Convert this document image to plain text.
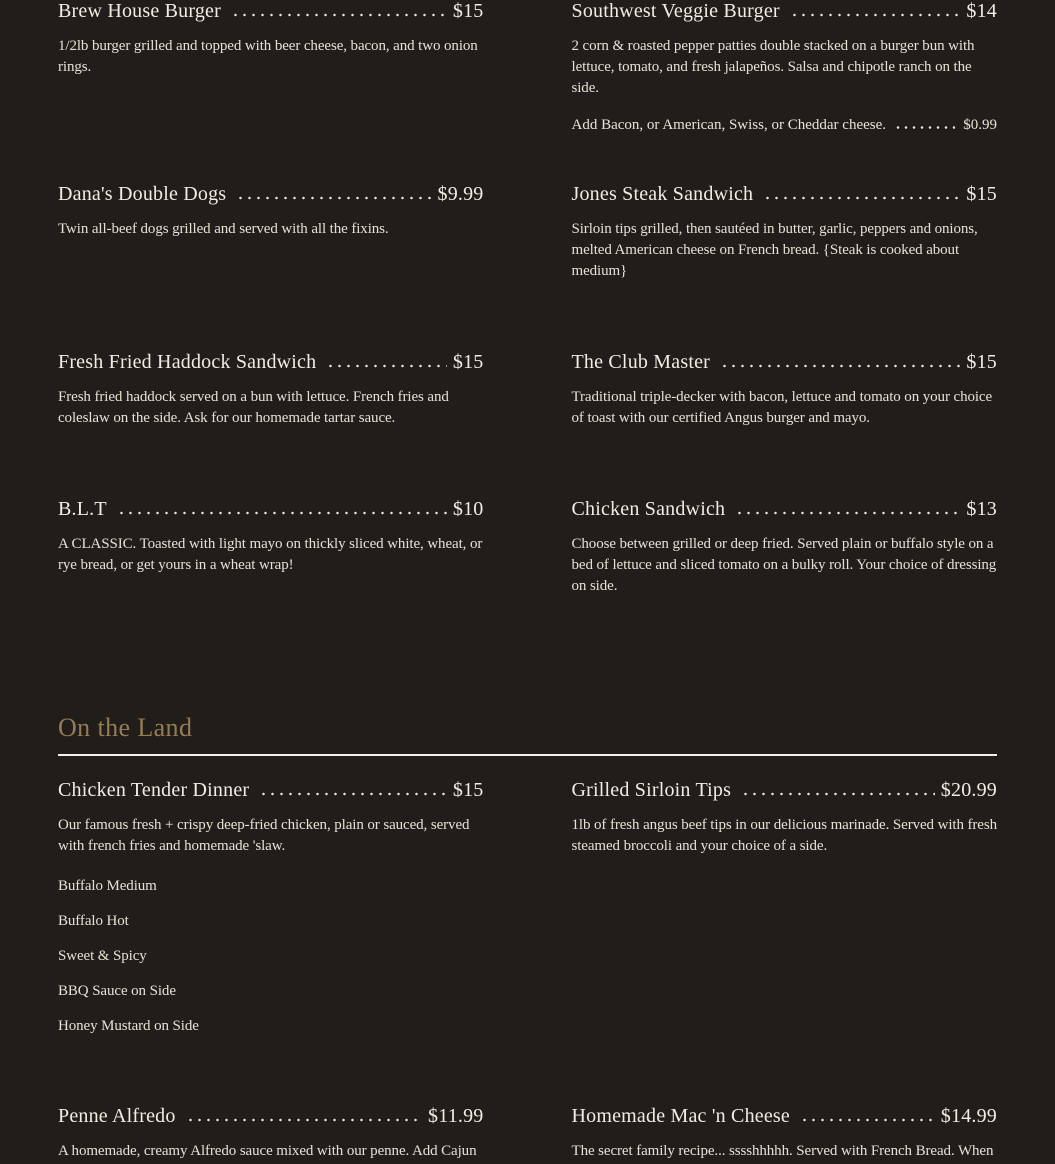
Brew House Burger	$15

1/2lb burger grilled and topped with beer cheese, bacon, and two onion rings.

Southwest Veggie Burger	$14

2 corn & roasted pepper patties double stacked on a burger bun with lettuce, tomato, and fresh jalapeños. Salsa and chipotle ranch on the side.

Add Bacon, or American, Swiss, or Cheddar cheese.	$0.99
Dana's Double Dogs	$9.99

Twin all-beef dogs grilled and served with all the fixins.

Jones Steak Sandwich	$15

Sirloin tips grilled, then sautéed in butter, garlic, peppers and onions, melted American cheese on French bread. {Steak is cooked about medium}

Fresh Fried Haddock Sandwich	$15

Fresh fried haddock served on a bun with lettuce. French fries and coleslaw on the side. Ask for our homemade tartar sauce.

The Club Master	$15

Traditional triple-decker with bacon, lettuce and tomato on your choice of toast with our certified Angus burger and mayo.

B.L.T	$10

A CLASSIC. Toasted with light mayo on thickly sliced white, wheat, or rye bread, or get yours in a wheat wrap!

Chicken Sandwich	$13

Choose between grilled or deep fried. Served plain or buffalo style on a bed of lettuce and sliced tomato on a bulky roll. Your choice of dressing on side.

On the Land
Chicken Tender Dinner	$15

Our famous fresh + crispy deep-fried chicken, plain or sauced, served with french fries and homemade 'slaw.

Buffalo Medium

Buffalo Hot

Sweet & Spicy

BBQ Sauce on Side

Honey Mustard on Side

Grilled Sirloin Tips	$20.99

1lb of fresh angus beef tips in our delicious marinade. Served with fresh steamed broccoli and your choice of a side.

Penne Alfredo	$11.99

A homemade, creamy Alfredo sauce mixed with our penne. Add Cajun

Homemade Mac 'n Cheese	$14.99

The secret family recipe... sssshhhhh. Served with French Bread. When
